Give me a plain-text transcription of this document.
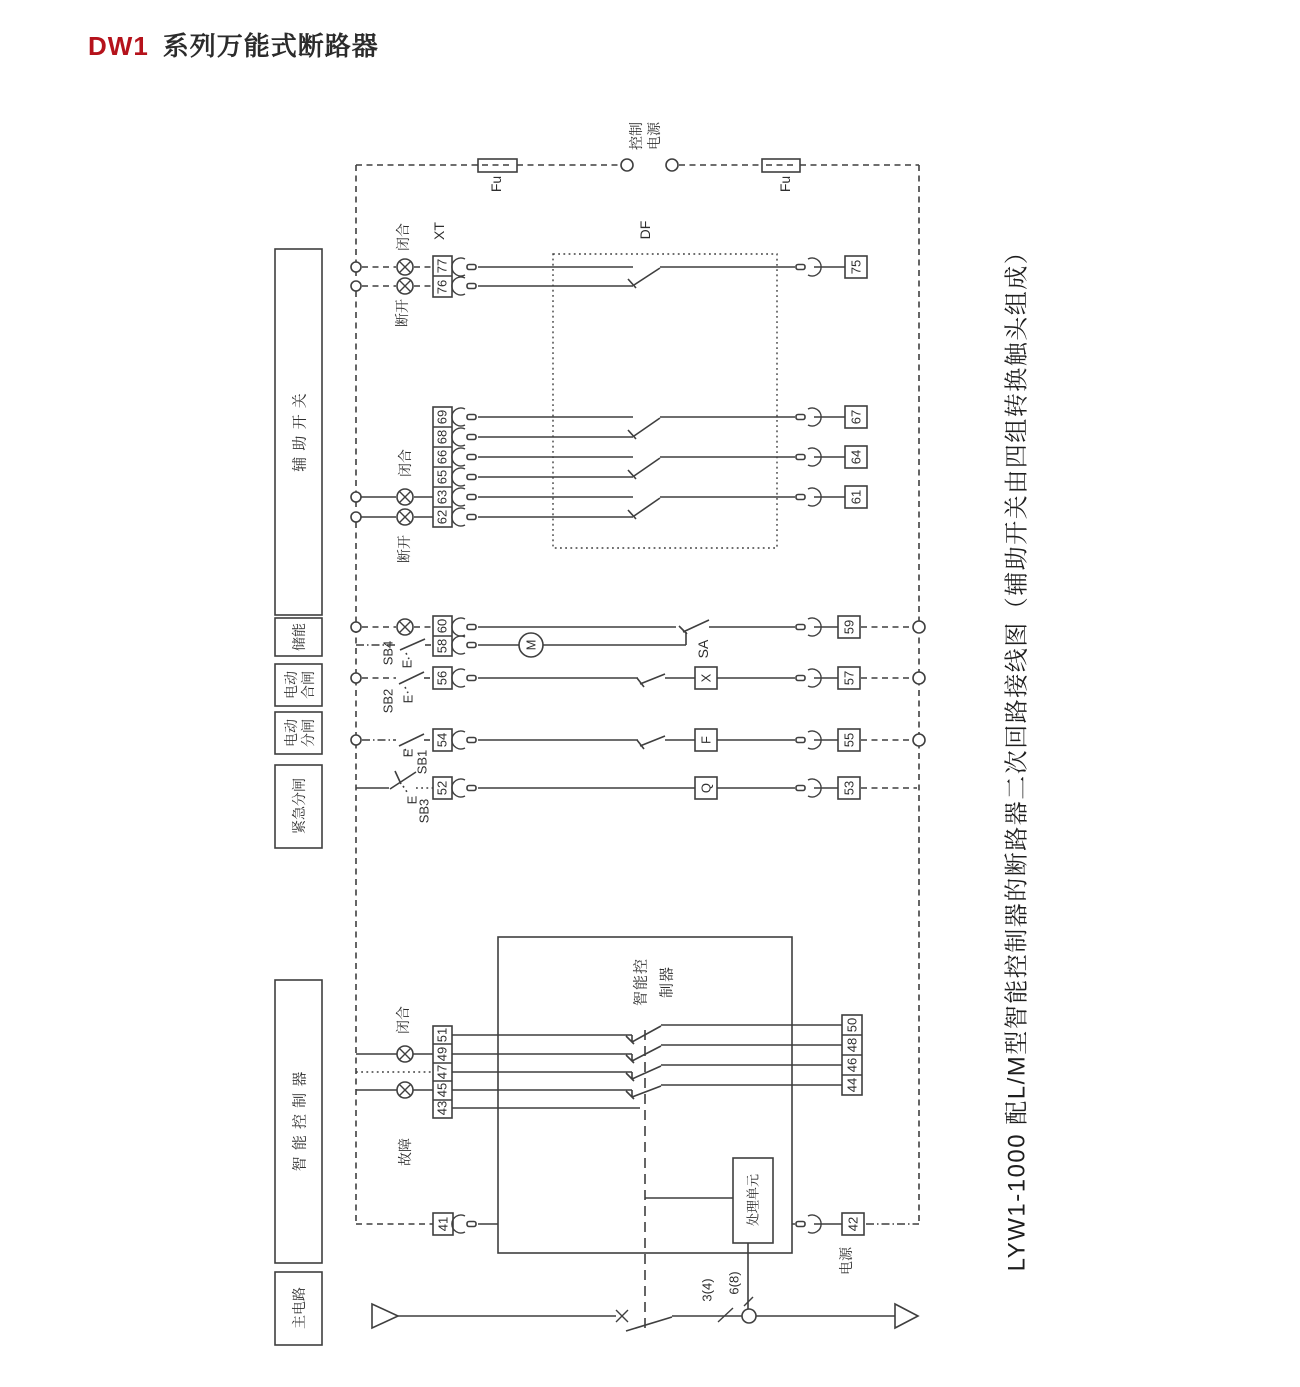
DW1 系列万能式断路器
Fu	Fu
控制 电源
DF
XT
闭合
断开
77
76
75
69
68
66
65
63
62
闭合
断开
67
64
61
E
SB4
60
58	M	SA
59
E
SB2
56	X	57
E SB1
54	F	55
E
SB3
52	Q	53
智能控 制器
闭合
故障
51
49
47
45
43
50
48
46
44
处理单元
41	42
电源
3(4) 6(8)
辅 助 开 关
储能
电动 合闸
电动 分闸
紧急分闸
智 能 控 制 器
主电路
LYW1-1000 配L/M型智能控制器的断路器二次回路接线图（辅助开关由四组转换触头组成）
